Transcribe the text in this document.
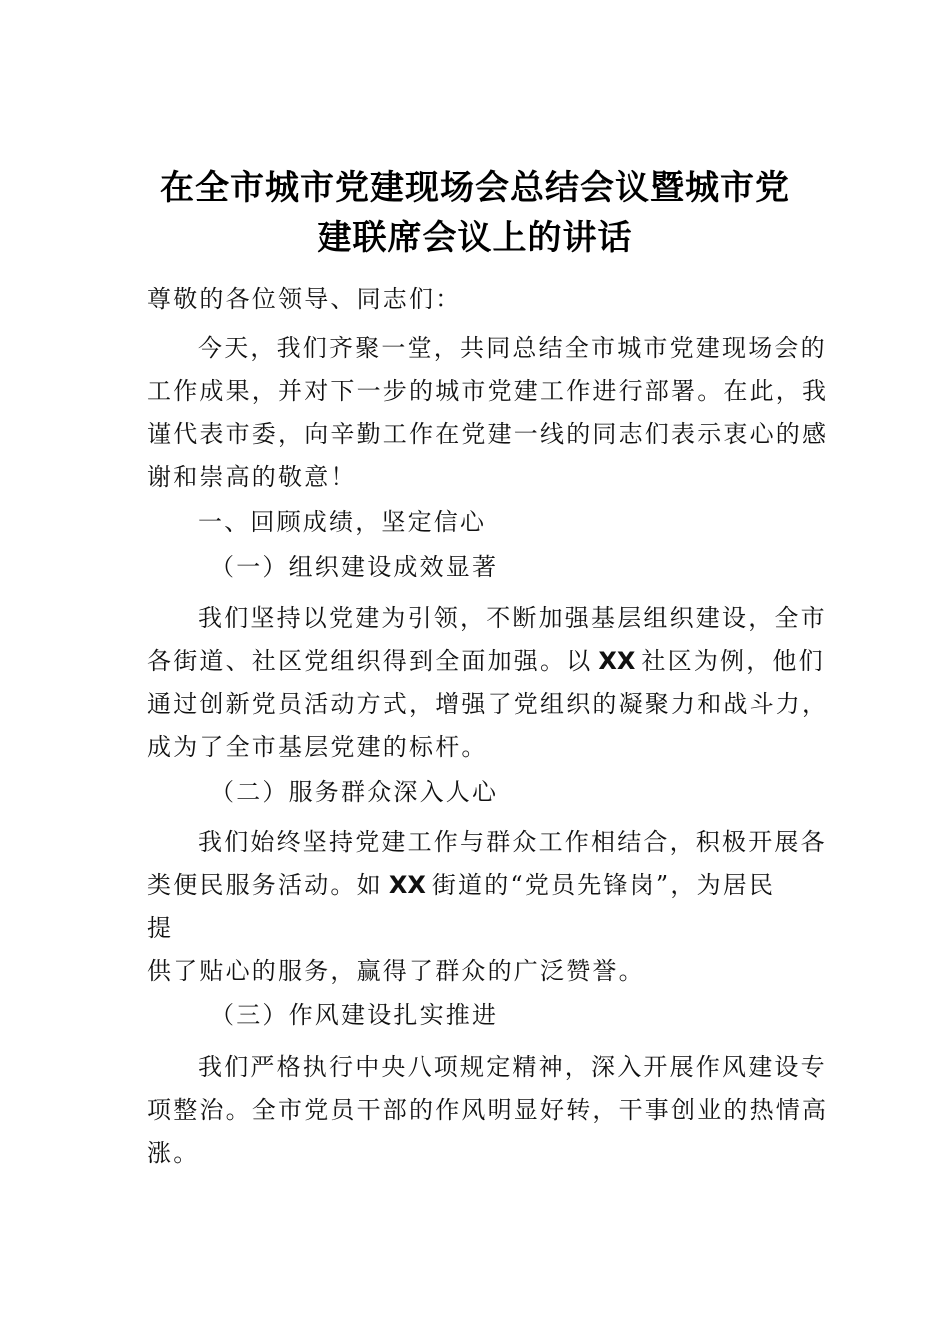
在全市城市党建现场会总结会议暨城市党
建联席会议上的讲话
尊敬的各位领导、同志们：
今天，我们齐聚一堂，共同总结全市城市党建现场会的
工作成果，并对下一步的城市党建工作进行部署。在此，我
谨代表市委，向辛勤工作在党建一线的同志们表示衷心的感
谢和崇高的敬意！
一、回顾成绩，坚定信心
（一）组织建设成效显著
我们坚持以党建为引领，不断加强基层组织建设，全市
各街道、社区党组织得到全面加强。以 XX 社区为例，他们
通过创新党员活动方式，增强了党组织的凝聚力和战斗力，
成为了全市基层党建的标杆。
（二）服务群众深入人心
我们始终坚持党建工作与群众工作相结合，积极开展各
类便民服务活动。如 XX 街道的“党员先锋岗”，为居民
提
供了贴心的服务，赢得了群众的广泛赞誉。
（三）作风建设扎实推进
我们严格执行中央八项规定精神，深入开展作风建设专
项整治。全市党员干部的作风明显好转，干事创业的热情高
涨。
